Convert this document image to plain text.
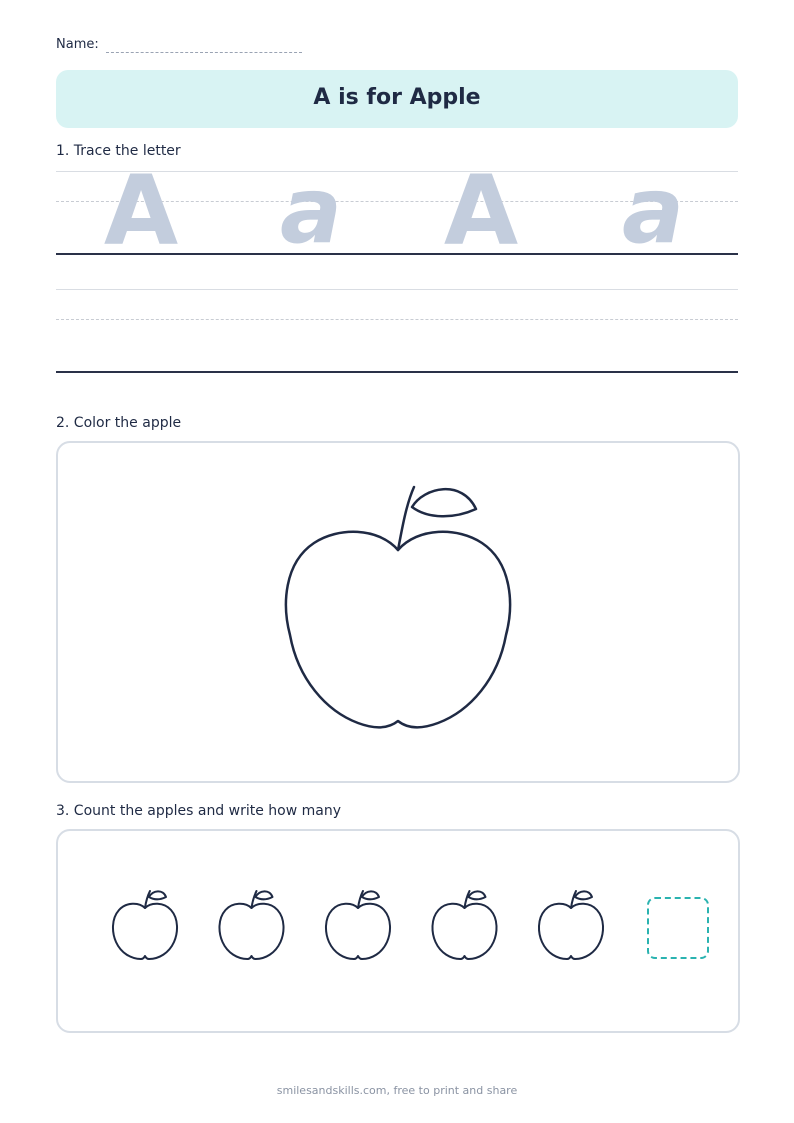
Name:
A is for Apple
1. Trace the letter
A a A a
2. Color the apple
3. Count the apples and write how many
smilesandskills.com, free to print and share
